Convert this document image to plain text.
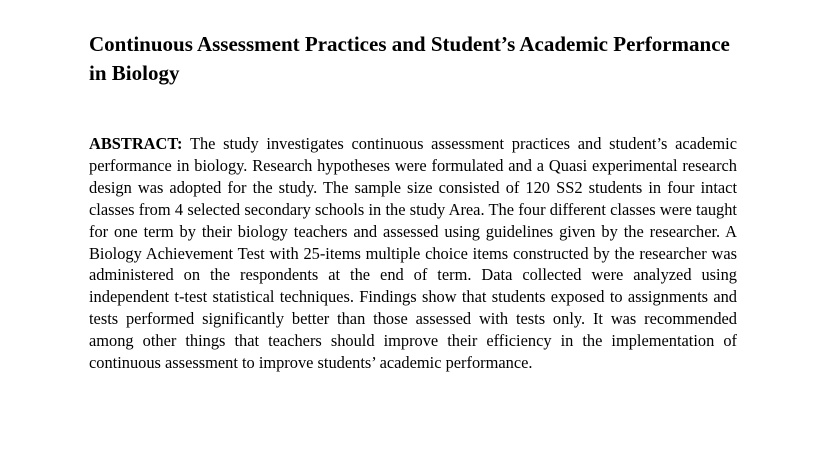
Continuous Assessment Practices and Student’s Academic Performance in Biology

ABSTRACT: The study investigates continuous assessment practices and student’s academic performance in biology. Research hypotheses were formulated and a Quasi experimental research design was adopted for the study. The sample size consisted of 120 SS2 students in four intact classes from 4 selected secondary schools in the study Area. The four different classes were taught for one term by their biology teachers and assessed using guidelines given by the researcher. A Biology Achievement Test with 25-items multiple choice items constructed by the researcher was administered on the respondents at the end of term. Data collected were analyzed using independent t-test statistical techniques. Findings show that students exposed to assignments and tests performed significantly better than those assessed with tests only. It was recommended among other things that teachers should improve their efficiency in the implementation of continuous assessment to improve students’ academic performance.
